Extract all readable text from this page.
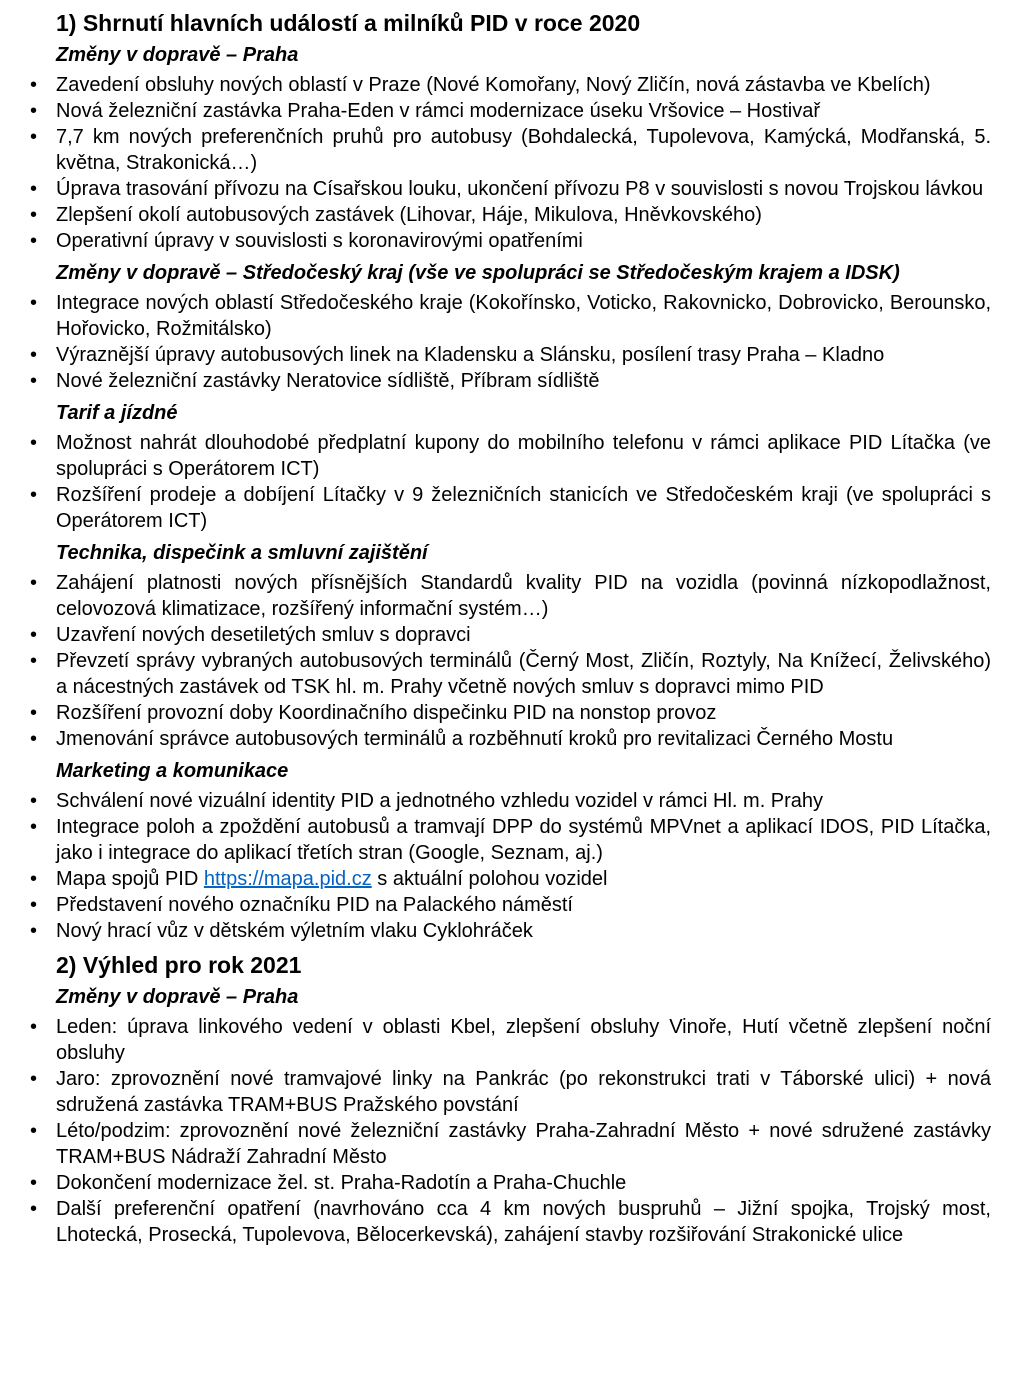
1) Shrnutí hlavních událostí a milníků PID v roce 2020
Změny v dopravě – Praha
• Zavedení obsluhy nových oblastí v Praze (Nové Komořany, Nový Zličín, nová zástavba ve Kbelích)
• Nová železniční zastávka Praha-Eden v rámci modernizace úseku Vršovice – Hostivař
• 7,7 km nových preferenčních pruhů pro autobusy (Bohdalecká, Tupolevova, Kamýcká, Modřanská, 5. května, Strakonická…)
• Úprava trasování přívozu na Císařskou louku, ukončení přívozu P8 v souvislosti s novou Trojskou lávkou
• Zlepšení okolí autobusových zastávek (Lihovar, Háje, Mikulova, Hněvkovského)
• Operativní úpravy v souvislosti s koronavirovými opatřeními
Změny v dopravě – Středočeský kraj (vše ve spolupráci se Středočeským krajem a IDSK)
• Integrace nových oblastí Středočeského kraje (Kokořínsko, Voticko, Rakovnicko, Dobrovicko, Berounsko, Hořovicko, Rožmitálsko)
• Výraznější úpravy autobusových linek na Kladensku a Slánsku, posílení trasy Praha – Kladno
• Nové železniční zastávky Neratovice sídliště, Příbram sídliště
Tarif a jízdné
• Možnost nahrát dlouhodobé předplatní kupony do mobilního telefonu v rámci aplikace PID Lítačka (ve spolupráci s Operátorem ICT)
• Rozšíření prodeje a dobíjení Lítačky v 9 železničních stanicích ve Středočeském kraji (ve spolupráci s Operátorem ICT)
Technika, dispečink a smluvní zajištění
• Zahájení platnosti nových přísnějších Standardů kvality PID na vozidla (povinná nízkopodlažnost, celovozová klimatizace, rozšířený informační systém…)
• Uzavření nových desetiletých smluv s dopravci
• Převzetí správy vybraných autobusových terminálů (Černý Most, Zličín, Roztyly, Na Knížecí, Želivského) a nácestných zastávek od TSK hl. m. Prahy včetně nových smluv s dopravci mimo PID
• Rozšíření provozní doby Koordinačního dispečinku PID na nonstop provoz
• Jmenování správce autobusových terminálů a rozběhnutí kroků pro revitalizaci Černého Mostu
Marketing a komunikace
• Schválení nové vizuální identity PID a jednotného vzhledu vozidel v rámci Hl. m. Prahy
• Integrace poloh a zpoždění autobusů a tramvají DPP do systémů MPVnet a aplikací IDOS, PID Lítačka, jako i integrace do aplikací třetích stran (Google, Seznam, aj.)
• Mapa spojů PID https://mapa.pid.cz s aktuální polohou vozidel
• Představení nového označníku PID na Palackého náměstí
• Nový hrací vůz v dětském výletním vlaku Cyklohráček
2) Výhled pro rok 2021
Změny v dopravě – Praha
• Leden: úprava linkového vedení v oblasti Kbel, zlepšení obsluhy Vinoře, Hutí včetně zlepšení noční obsluhy
• Jaro: zprovoznění nové tramvajové linky na Pankrác (po rekonstrukci trati v Táborské ulici) + nová sdružená zastávka TRAM+BUS Pražského povstání
• Léto/podzim: zprovoznění nové železniční zastávky Praha-Zahradní Město + nové sdružené zastávky TRAM+BUS Nádraží Zahradní Město
• Dokončení modernizace žel. st. Praha-Radotín a Praha-Chuchle
• Další preferenční opatření (navrhováno cca 4 km nových buspruhů – Jižní spojka, Trojský most, Lhotecká, Prosecká, Tupolevova, Bělocerkevská), zahájení stavby rozšiřování Strakonické ulice
